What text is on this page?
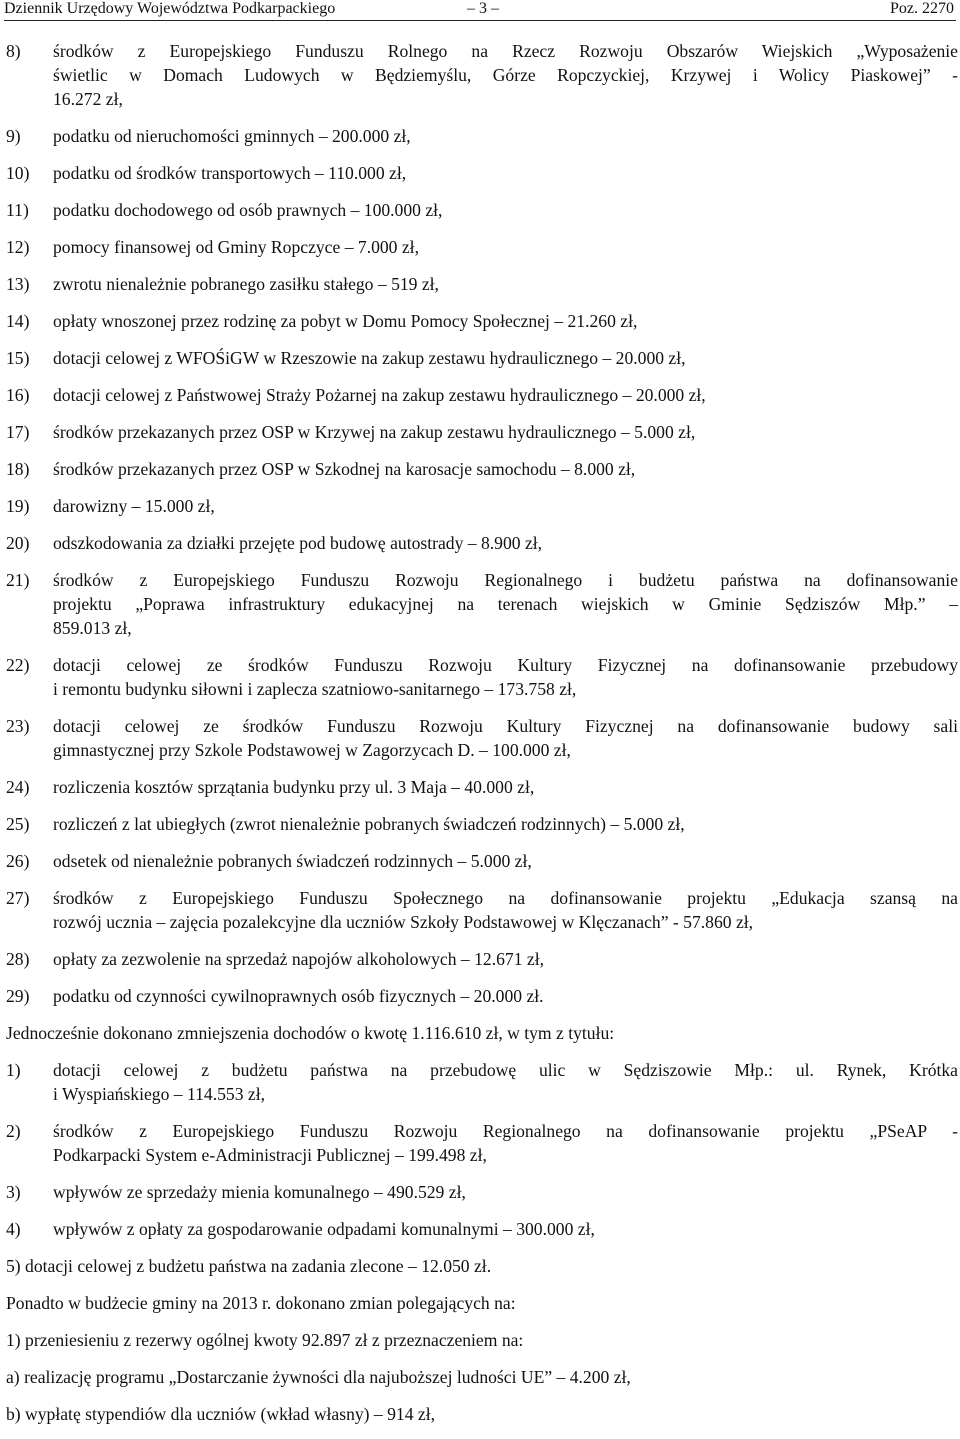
Dziennik Urzędowy Województwa Podkarpackiego	– 3 –	Poz. 2270
8) środków z Europejskiego Funduszu Rolnego na Rzecz Rozwoju Obszarów Wiejskich „Wyposażenie
świetlic w Domach Ludowych w Będziemyślu, Górze Ropczyckiej, Krzywej i Wolicy Piaskowej” -
16.272 zł,
9) podatku od nieruchomości gminnych – 200.000 zł,
10) podatku od środków transportowych – 110.000 zł,
11) podatku dochodowego od osób prawnych – 100.000 zł,
12) pomocy finansowej od Gminy Ropczyce – 7.000 zł,
13) zwrotu nienależnie pobranego zasiłku stałego – 519 zł,
14) opłaty wnoszonej przez rodzinę za pobyt w Domu Pomocy Społecznej – 21.260 zł,
15) dotacji celowej z WFOŚiGW w Rzeszowie na zakup zestawu hydraulicznego – 20.000 zł,
16) dotacji celowej z Państwowej Straży Pożarnej na zakup zestawu hydraulicznego – 20.000 zł,
17) środków przekazanych przez OSP w Krzywej na zakup zestawu hydraulicznego – 5.000 zł,
18) środków przekazanych przez OSP w Szkodnej na karosacje samochodu – 8.000 zł,
19) darowizny – 15.000 zł,
20) odszkodowania za działki przejęte pod budowę autostrady – 8.900 zł,
21) środków z Europejskiego Funduszu Rozwoju Regionalnego i budżetu państwa na dofinansowanie
projektu „Poprawa infrastruktury edukacyjnej na terenach wiejskich w Gminie Sędziszów Młp.” –
859.013 zł,
22) dotacji celowej ze środków Funduszu Rozwoju Kultury Fizycznej na dofinansowanie przebudowy
i remontu budynku siłowni i zaplecza szatniowo-sanitarnego – 173.758 zł,
23) dotacji celowej ze środków Funduszu Rozwoju Kultury Fizycznej na dofinansowanie budowy sali
gimnastycznej przy Szkole Podstawowej w Zagorzycach D. – 100.000 zł,
24) rozliczenia kosztów sprzątania budynku przy ul. 3 Maja – 40.000 zł,
25) rozliczeń z lat ubiegłych (zwrot nienależnie pobranych świadczeń rodzinnych) – 5.000 zł,
26) odsetek od nienależnie pobranych świadczeń rodzinnych – 5.000 zł,
27) środków z Europejskiego Funduszu Społecznego na dofinansowanie projektu „Edukacja szansą na
rozwój ucznia – zajęcia pozalekcyjne dla uczniów Szkoły Podstawowej w Klęczanach” - 57.860 zł,
28) opłaty za zezwolenie na sprzedaż napojów alkoholowych – 12.671 zł,
29) podatku od czynności cywilnoprawnych osób fizycznych – 20.000 zł.
Jednocześnie dokonano zmniejszenia dochodów o kwotę 1.116.610 zł, w tym z tytułu:
1) dotacji celowej z budżetu państwa na przebudowę ulic w Sędziszowie Młp.: ul. Rynek, Krótka
i Wyspiańskiego – 114.553 zł,
2) środków z Europejskiego Funduszu Rozwoju Regionalnego na dofinansowanie projektu „PSeAP -
Podkarpacki System e-Administracji Publicznej – 199.498 zł,
3) wpływów ze sprzedaży mienia komunalnego – 490.529 zł,
4) wpływów z opłaty za gospodarowanie odpadami komunalnymi – 300.000 zł,
5) dotacji celowej z budżetu państwa na zadania zlecone – 12.050 zł.
Ponadto w budżecie gminy na 2013 r. dokonano zmian polegających na:
1) przeniesieniu z rezerwy ogólnej kwoty 92.897 zł z przeznaczeniem na:
a) realizację programu „Dostarczanie żywności dla najuboższej ludności UE” – 4.200 zł,
b) wypłatę stypendiów dla uczniów (wkład własny) – 914 zł,
